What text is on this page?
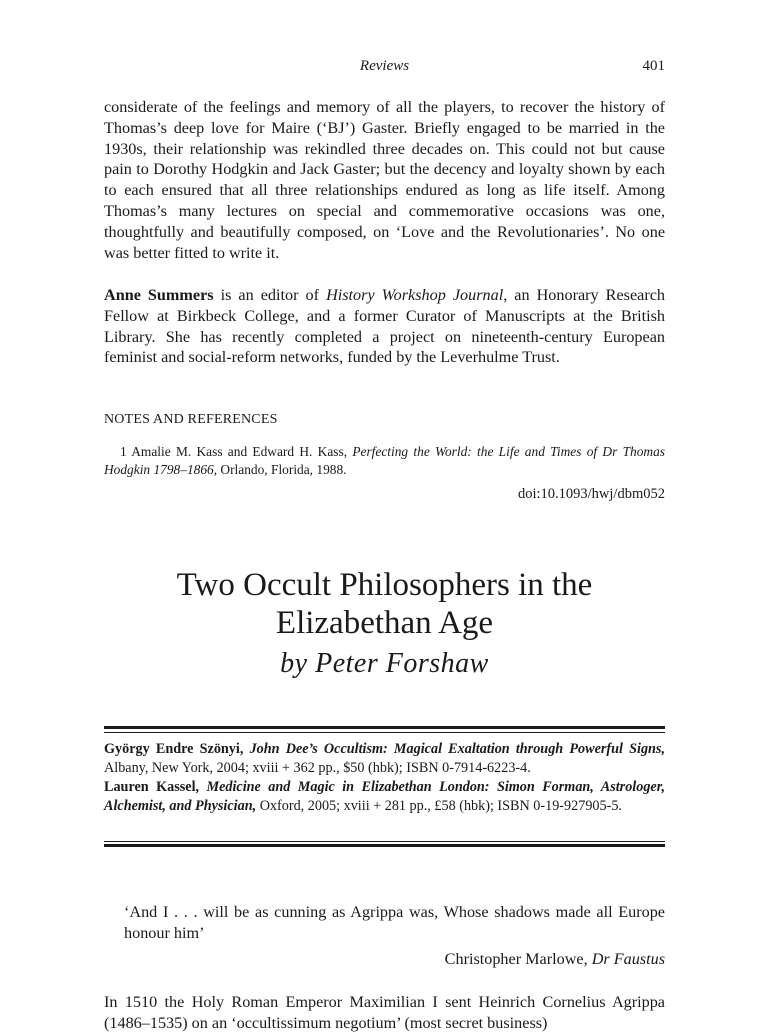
Reviews	401

considerate of the feelings and memory of all the players, to recover the history of Thomas’s deep love for Maire (‘BJ’) Gaster. Briefly engaged to be married in the 1930s, their relationship was rekindled three decades on. This could not but cause pain to Dorothy Hodgkin and Jack Gaster; but the decency and loyalty shown by each to each ensured that all three relationships endured as long as life itself. Among Thomas’s many lectures on special and commemorative occasions was one, thoughtfully and beautifully composed, on ‘Love and the Revolutionaries’. No one was better fitted to write it.

Anne Summers is an editor of History Workshop Journal, an Honorary Research Fellow at Birkbeck College, and a former Curator of Manuscripts at the British Library. She has recently completed a project on nineteenth-century European feminist and social-reform networks, funded by the Leverhulme Trust.

NOTES AND REFERENCES

1 Amalie M. Kass and Edward H. Kass, Perfecting the World: the Life and Times of Dr Thomas Hodgkin 1798–1866, Orlando, Florida, 1988.

doi:10.1093/hwj/dbm052
Two Occult Philosophers in the Elizabethan Age
by Peter Forshaw
György Endre Szönyi, John Dee’s Occultism: Magical Exaltation through Powerful Signs, Albany, New York, 2004; xviii + 362 pp., $50 (hbk); ISBN 0-7914-6223-4.
Lauren Kassel, Medicine and Magic in Elizabethan London: Simon Forman, Astrologer, Alchemist, and Physician, Oxford, 2005; xviii + 281 pp., £58 (hbk); ISBN 0-19-927905-5.

‘And I . . . will be as cunning as Agrippa was, Whose shadows made all Europe honour him’

Christopher Marlowe, Dr Faustus

In 1510 the Holy Roman Emperor Maximilian I sent Heinrich Cornelius Agrippa (1486–1535) on an ‘occultissimum negotium’ (most secret business)
